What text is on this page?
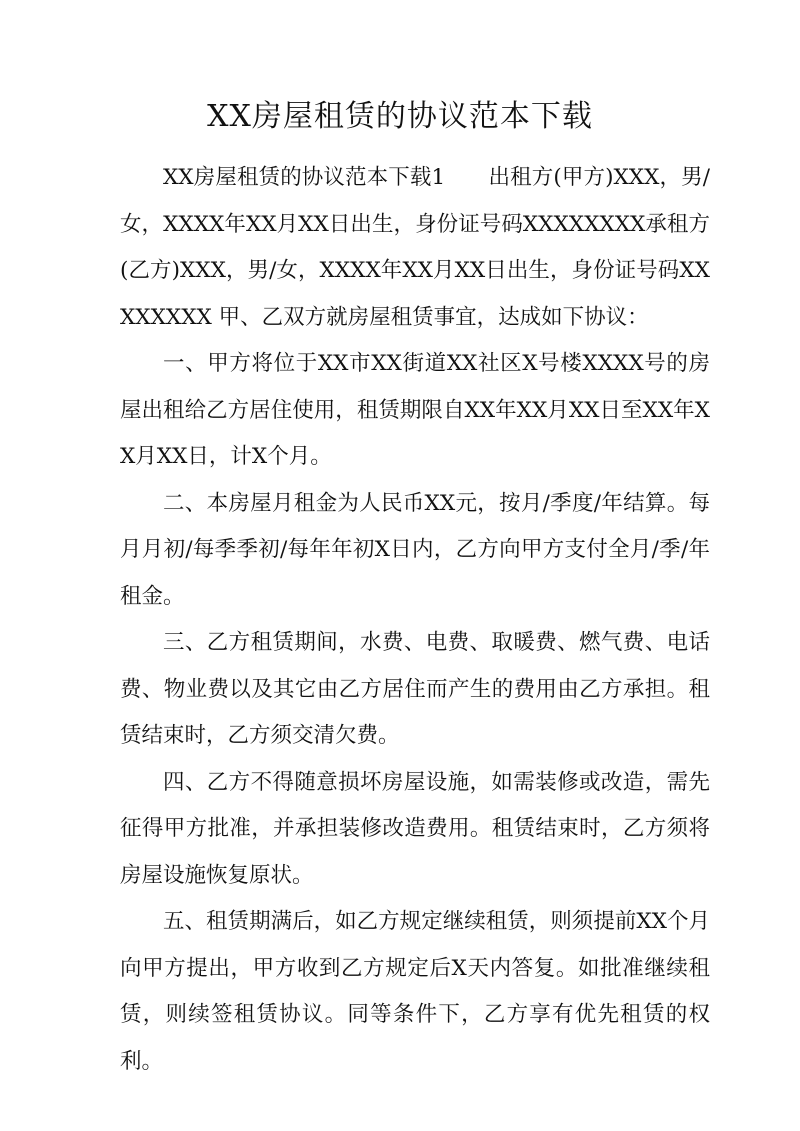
XX房屋租赁的协议范本下载

XX房屋租赁的协议范本下载1　　出租方(甲方)XXX，男/女，XXXX年XX月XX日出生，身份证号码XXXXXXXX承租方(乙方)XXX，男/女，XXXX年XX月XX日出生，身份证号码XXXXXXXX 甲、乙双方就房屋租赁事宜，达成如下协议：

一、甲方将位于XX市XX街道XX社区X号楼XXXX号的房屋出租给乙方居住使用，租赁期限自XX年XX月XX日至XX年XX月XX日，计X个月。

二、本房屋月租金为人民币XX元，按月/季度/年结算。每月月初/每季季初/每年年初X日内，乙方向甲方支付全月/季/年租金。

三、乙方租赁期间，水费、电费、取暖费、燃气费、电话费、物业费以及其它由乙方居住而产生的费用由乙方承担。租赁结束时，乙方须交清欠费。

四、乙方不得随意损坏房屋设施，如需装修或改造，需先征得甲方批准，并承担装修改造费用。租赁结束时，乙方须将房屋设施恢复原状。

五、租赁期满后，如乙方规定继续租赁，则须提前XX个月向甲方提出，甲方收到乙方规定后X天内答复。如批准继续租赁，则续签租赁协议。同等条件下，乙方享有优先租赁的权利。
